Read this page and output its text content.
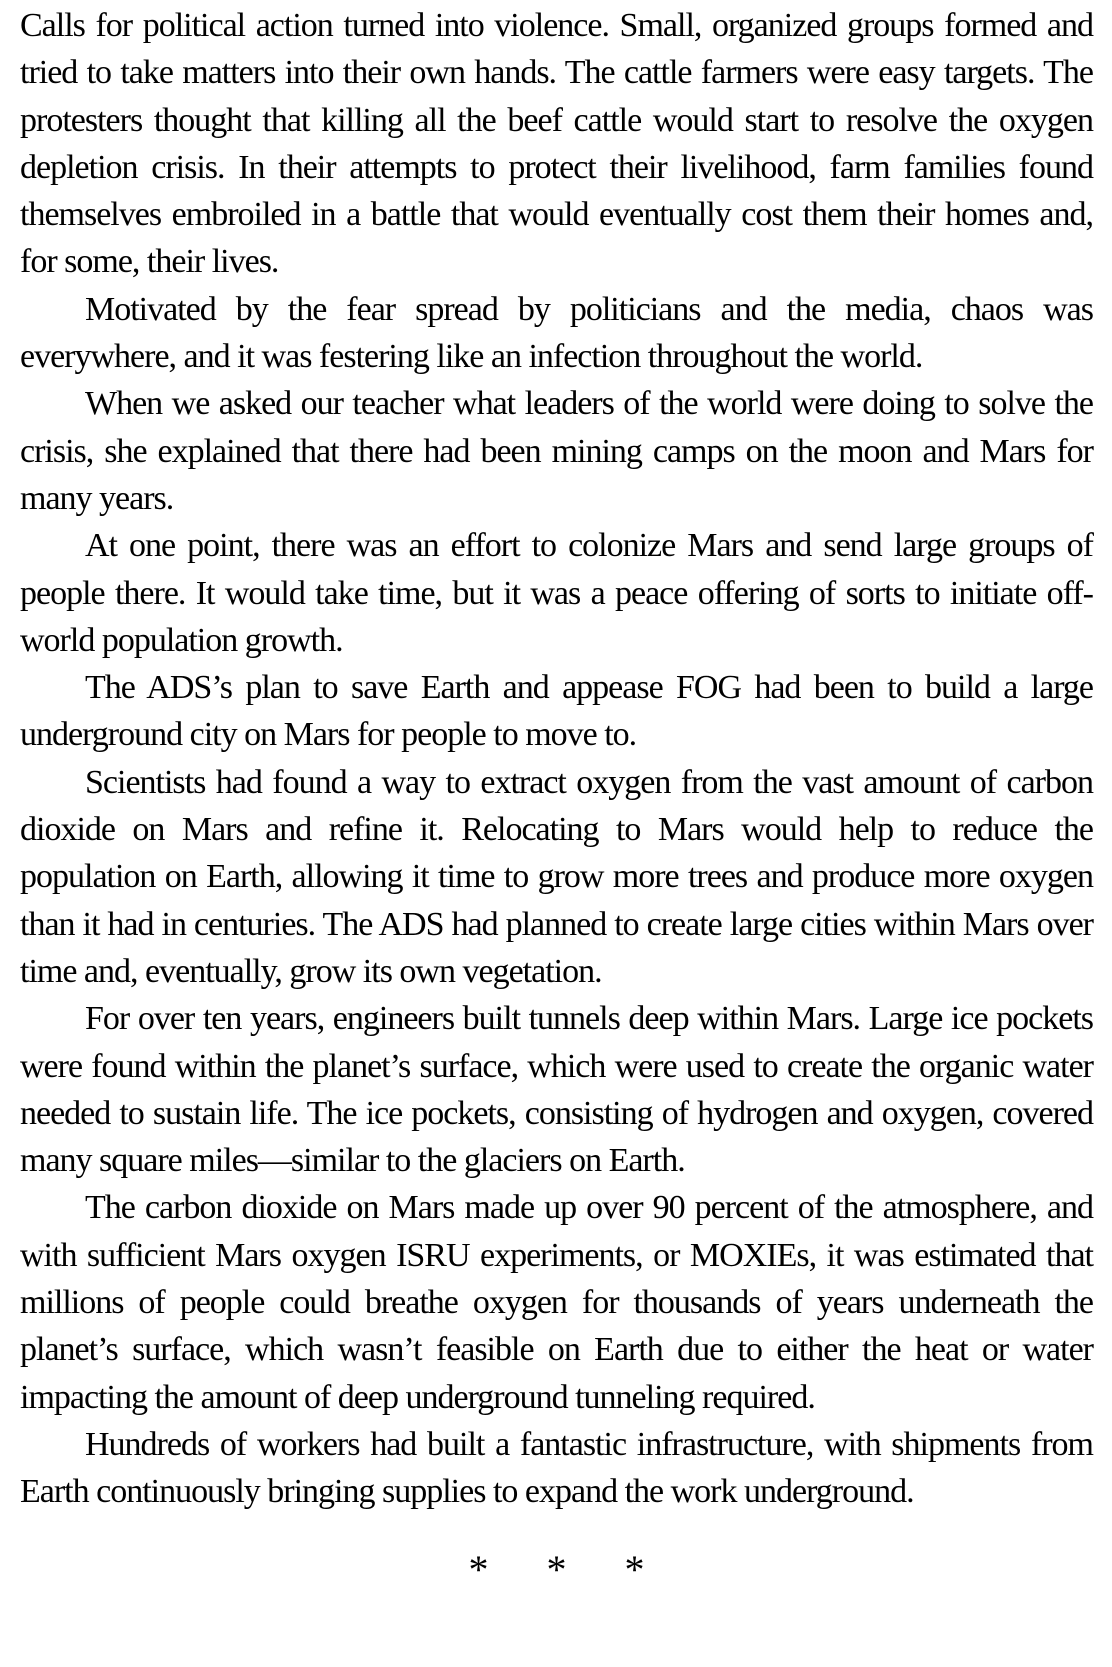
Calls for political action turned into violence. Small, organized groups formed and tried to take matters into their own hands. The cattle farmers were easy targets. The protesters thought that killing all the beef cattle would start to resolve the oxygen depletion crisis. In their attempts to protect their livelihood, farm families found themselves embroiled in a battle that would eventually cost them their homes and, for some, their lives.

Motivated by the fear spread by politicians and the media, chaos was everywhere, and it was festering like an infection throughout the world.

When we asked our teacher what leaders of the world were doing to solve the crisis, she explained that there had been mining camps on the moon and Mars for many years.

At one point, there was an effort to colonize Mars and send large groups of people there. It would take time, but it was a peace offering of sorts to initiate off-world population growth.

The ADS’s plan to save Earth and appease FOG had been to build a large underground city on Mars for people to move to.

Scientists had found a way to extract oxygen from the vast amount of carbon dioxide on Mars and refine it. Relocating to Mars would help to reduce the population on Earth, allowing it time to grow more trees and produce more oxygen than it had in centuries. The ADS had planned to create large cities within Mars over time and, eventually, grow its own vegetation.

For over ten years, engineers built tunnels deep within Mars. Large ice pockets were found within the planet’s surface, which were used to create the organic water needed to sustain life. The ice pockets, consisting of hydrogen and oxygen, covered many square miles—similar to the glaciers on Earth.

The carbon dioxide on Mars made up over 90 percent of the atmosphere, and with sufficient Mars oxygen ISRU experiments, or MOXIEs, it was estimated that millions of people could breathe oxygen for thousands of years underneath the planet’s surface, which wasn’t feasible on Earth due to either the heat or water impacting the amount of deep underground tunneling required.

Hundreds of workers had built a fantastic infrastructure, with shipments from Earth continuously bringing supplies to expand the work underground.

* * *
